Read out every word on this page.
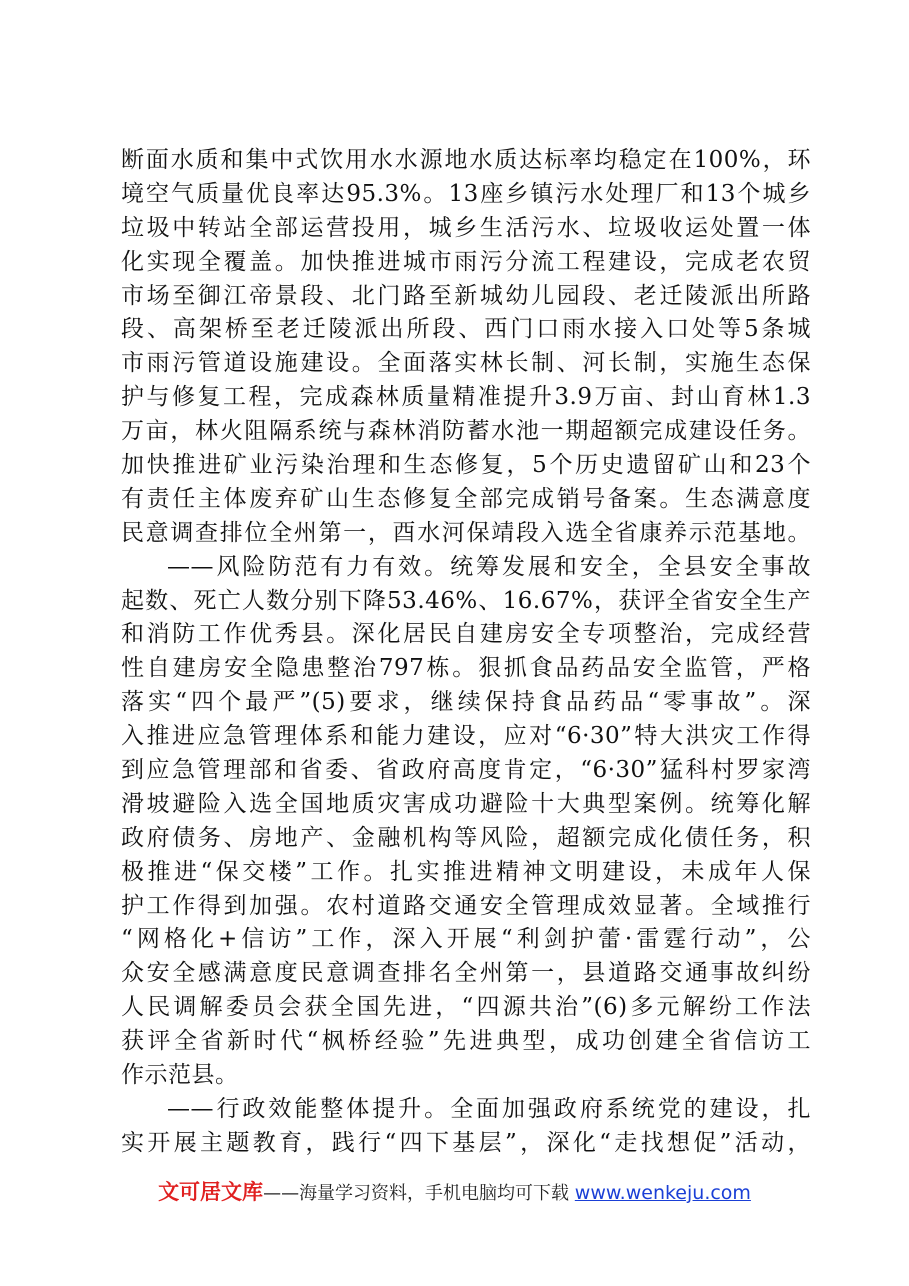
断面水质和集中式饮用水水源地水质达标率均稳定在100%，环
境空气质量优良率达95.3%。13座乡镇污水处理厂和13个城乡
垃圾中转站全部运营投用，城乡生活污水、垃圾收运处置一体
化实现全覆盖。加快推进城市雨污分流工程建设，完成老农贸
市场至御江帝景段、北门路至新城幼儿园段、老迁陵派出所路
段、高架桥至老迁陵派出所段、西门口雨水接入口处等5条城
市雨污管道设施建设。全面落实林长制、河长制，实施生态保
护与修复工程，完成森林质量精准提升3.9万亩、封山育林1.3
万亩，林火阻隔系统与森林消防蓄水池一期超额完成建设任务。
加快推进矿业污染治理和生态修复，5个历史遗留矿山和23个
有责任主体废弃矿山生态修复全部完成销号备案。生态满意度
民意调查排位全州第一，酉水河保靖段入选全省康养示范基地。
——风险防范有力有效。统筹发展和安全，全县安全事故
起数、死亡人数分别下降53.46%、16.67%，获评全省安全生产
和消防工作优秀县。深化居民自建房安全专项整治，完成经营
性自建房安全隐患整治797栋。狠抓食品药品安全监管，严格
落实“四个最严”(5)要求，继续保持食品药品“零事故”。深
入推进应急管理体系和能力建设，应对“6·30”特大洪灾工作得
到应急管理部和省委、省政府高度肯定，“6·30”猛科村罗家湾
滑坡避险入选全国地质灾害成功避险十大典型案例。统筹化解
政府债务、房地产、金融机构等风险，超额完成化债任务，积
极推进“保交楼”工作。扎实推进精神文明建设，未成年人保
护工作得到加强。农村道路交通安全管理成效显著。全域推行
“网格化+信访”工作，深入开展“利剑护蕾·雷霆行动”，公
众安全感满意度民意调查排名全州第一，县道路交通事故纠纷
人民调解委员会获全国先进，“四源共治”(6)多元解纷工作法
获评全省新时代“枫桥经验”先进典型，成功创建全省信访工
作示范县。
——行政效能整体提升。全面加强政府系统党的建设，扎
实开展主题教育，践行“四下基层”，深化“走找想促”活动，
文可居文库——海量学习资料，手机电脑均可下载 www.wenkeju.com
